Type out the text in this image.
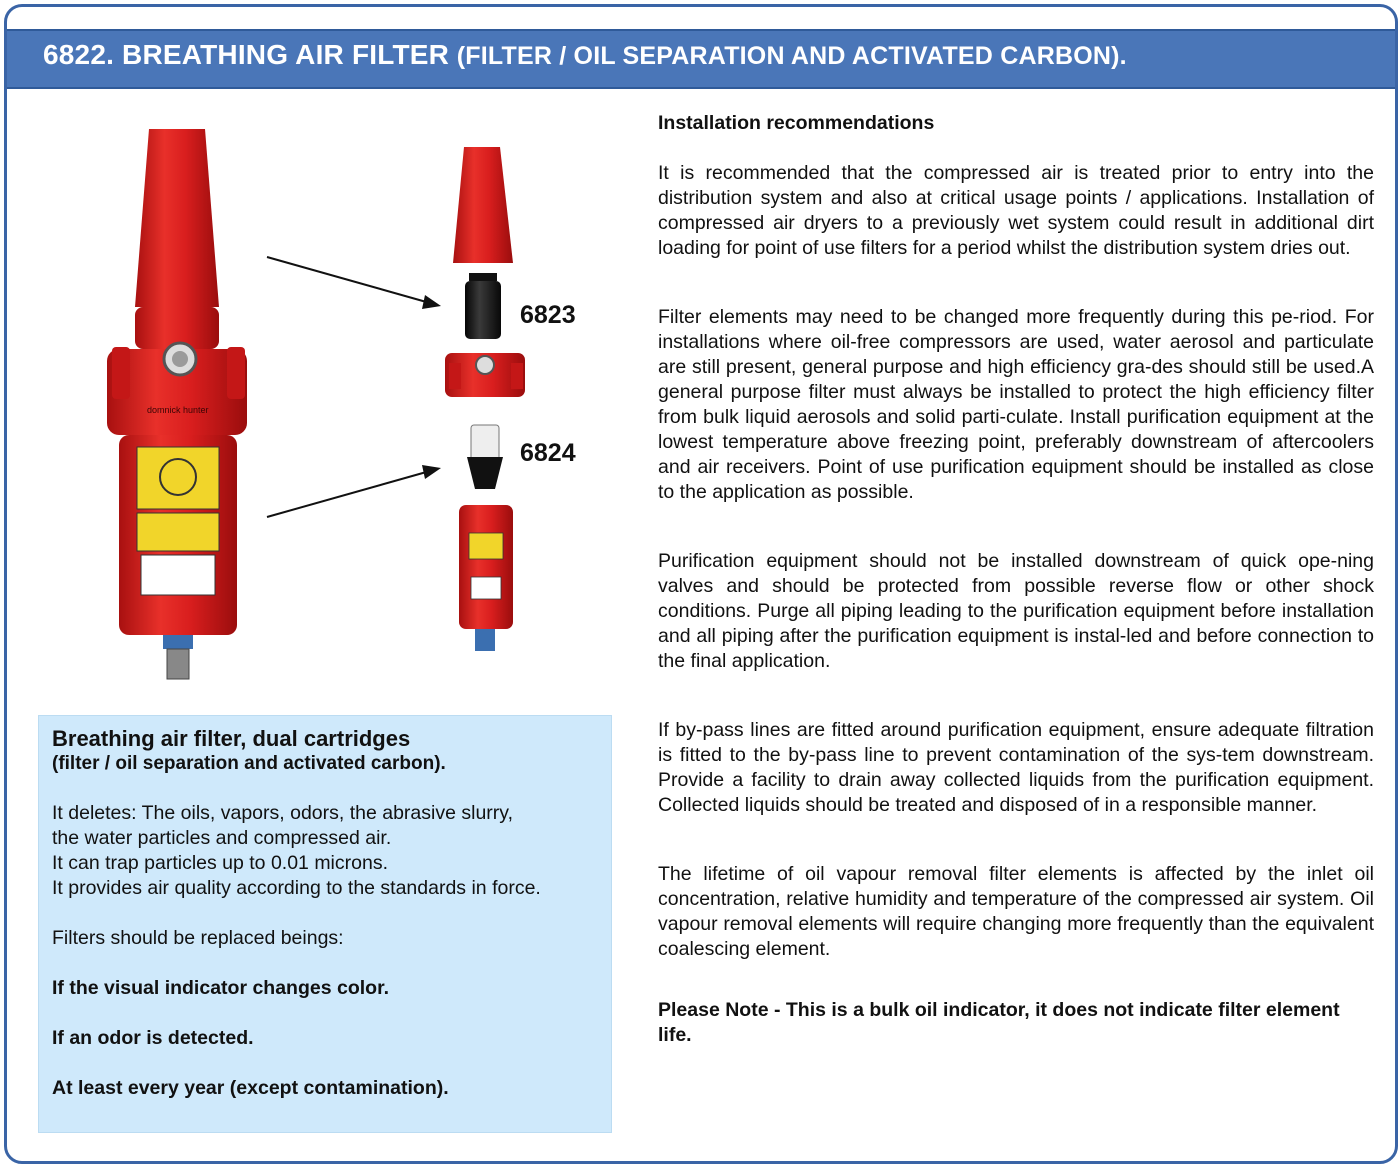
6822. BREATHING AIR FILTER (FILTER / OIL SEPARATION AND ACTIVATED CARBON).
domnick hunter
6823
6824
Breathing air filter, dual cartridges
(filter / oil separation and activated carbon).
It deletes: The oils, vapors, odors, the abrasive slurry,
the water particles and compressed air.
It can trap particles up to 0.01 microns.
It provides air quality according to the standards in force.
Filters should be replaced beings:
If the visual indicator changes color.
If an odor is detected.
At least every year (except contamination).
Installation recommendations

It is recommended that the compressed air is treated prior to entry into the distribution system and also at critical usage points / applications. Installation of compressed air dryers to a previously wet system could result in additional dirt loading for point of use filters for a period whilst the distribution system dries out.

Filter elements may need to be changed more frequently during this pe-riod. For installations where oil-free compressors are used, water aerosol and particulate are still present, general purpose and high efficiency gra-des should still be used.A general purpose filter must always be installed to protect the high efficiency filter from bulk liquid aerosols and solid parti-culate. Install purification equipment at the lowest temperature above freezing point, preferably downstream of aftercoolers and air receivers. Point of use purification equipment should be installed as close to the application as possible.

Purification equipment should not be installed downstream of quick ope-ning valves and should be protected from possible reverse flow or other shock conditions. Purge all piping leading to the purification equipment before installation and all piping after the purification equipment is instal-led and before connection to the final application.

If by-pass lines are fitted around purification equipment, ensure adequate filtration is fitted to the by-pass line to prevent contamination of the sys-tem downstream. Provide a facility to drain away collected liquids from the purification equipment. Collected liquids should be treated and disposed of in a responsible manner.

The lifetime of oil vapour removal filter elements is affected by the inlet oil concentration, relative humidity and temperature of the compressed air system. Oil vapour removal elements will require changing more frequently than the equivalent coalescing element.

Please Note - This is a bulk oil indicator, it does not indicate filter element life.
